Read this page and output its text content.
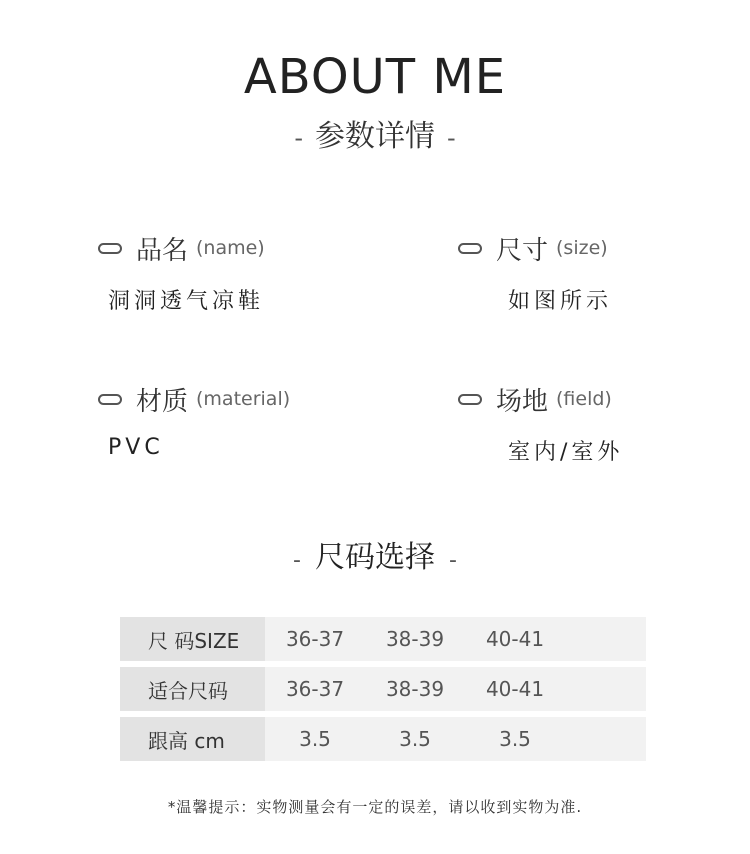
ABOUT ME
- 参数详情 -
品名 (name)
洞洞透气凉鞋
尺寸 (size)
如图所示
材质 (material)
PVC
场地 (field)
室内/室外
- 尺码选择 -
尺 码SIZE	36-37	38-39	40-41
适合尺码	36-37	38-39	40-41
跟高 cm	3.5	3.5	3.5
*温馨提示：实物测量会有一定的误差，请以收到实物为准.
